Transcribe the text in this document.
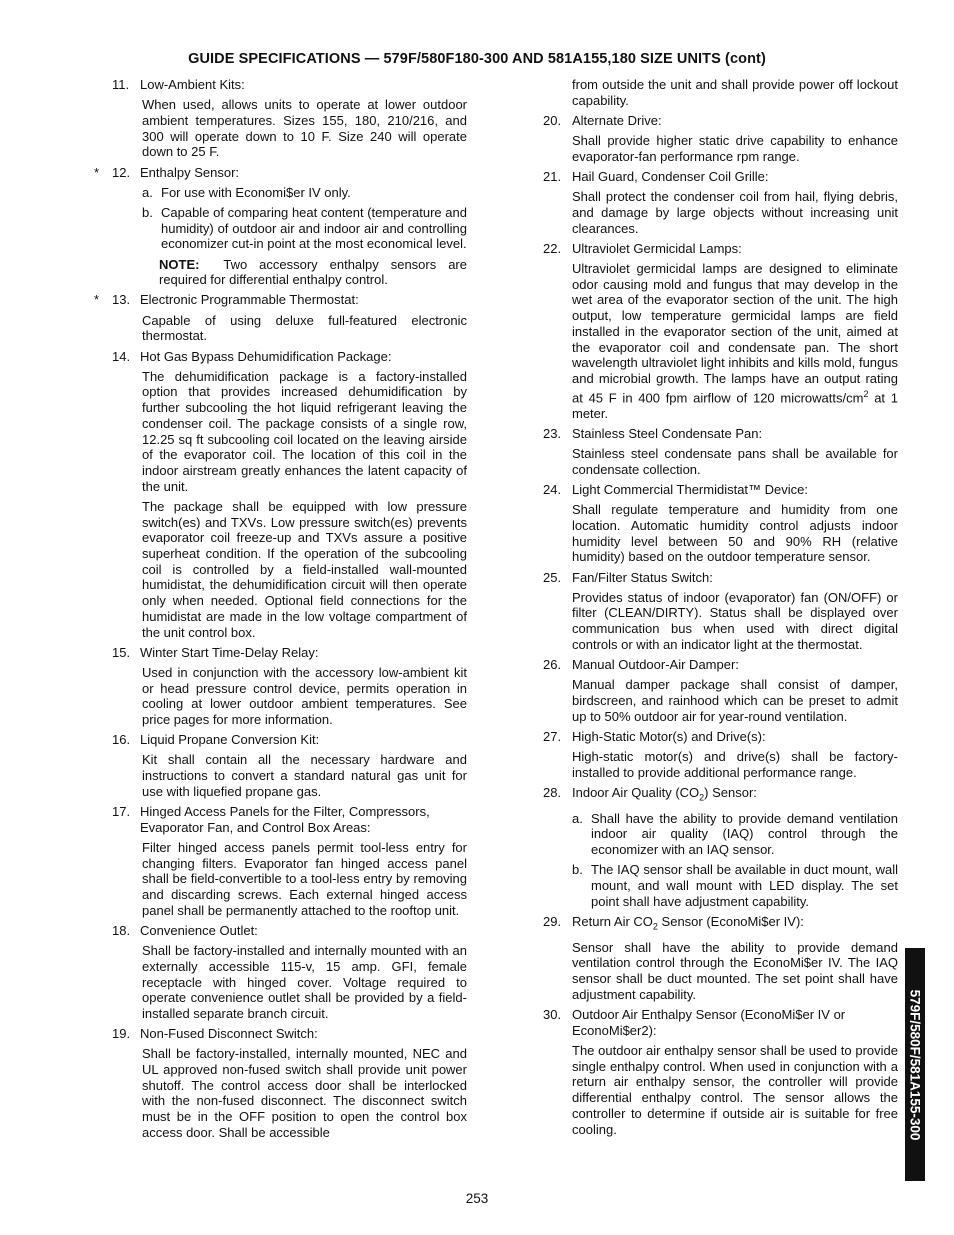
GUIDE SPECIFICATIONS — 579F/580F180-300 AND 581A155,180 SIZE UNITS (cont)
11. Low-Ambient Kits:
When used, allows units to operate at lower outdoor ambient temperatures. Sizes 155, 180, 210/216, and 300 will operate down to 10 F. Size 240 will operate down to 25 F.
* 12. Enthalpy Sensor:
a. For use with Economi$er IV only.
b. Capable of comparing heat content (temperature and humidity) of outdoor air and indoor air and controlling economizer cut-in point at the most economical level.
NOTE: Two accessory enthalpy sensors are required for differential enthalpy control.
* 13. Electronic Programmable Thermostat:
Capable of using deluxe full-featured electronic thermostat.
14. Hot Gas Bypass Dehumidification Package:
The dehumidification package is a factory-installed option that provides increased dehumidification by further subcooling the hot liquid refrigerant leaving the condenser coil. The package consists of a single row, 12.25 sq ft subcooling coil located on the leaving airside of the evaporator coil. The location of this coil in the indoor airstream greatly enhances the latent capacity of the unit.
The package shall be equipped with low pressure switch(es) and TXVs. Low pressure switch(es) prevents evaporator coil freeze-up and TXVs assure a positive superheat condition. If the operation of the subcooling coil is controlled by a field-installed wall-mounted humidistat, the dehumidification circuit will then operate only when needed. Optional field connections for the humidistat are made in the low voltage compartment of the unit control box.
15. Winter Start Time-Delay Relay:
Used in conjunction with the accessory low-ambient kit or head pressure control device, permits operation in cooling at lower outdoor ambient temperatures. See price pages for more information.
16. Liquid Propane Conversion Kit:
Kit shall contain all the necessary hardware and instructions to convert a standard natural gas unit for use with liquefied propane gas.
17. Hinged Access Panels for the Filter, Compressors, Evaporator Fan, and Control Box Areas:
Filter hinged access panels permit tool-less entry for changing filters. Evaporator fan hinged access panel shall be field-convertible to a tool-less entry by removing and discarding screws. Each external hinged access panel shall be permanently attached to the rooftop unit.
18. Convenience Outlet:
Shall be factory-installed and internally mounted with an externally accessible 115-v, 15 amp. GFI, female receptacle with hinged cover. Voltage required to operate convenience outlet shall be provided by a field-installed separate branch circuit.
19. Non-Fused Disconnect Switch:
Shall be factory-installed, internally mounted, NEC and UL approved non-fused switch shall provide unit power shutoff. The control access door shall be interlocked with the non-fused disconnect. The disconnect switch must be in the OFF position to open the control box access door. Shall be accessible
from outside the unit and shall provide power off lockout capability.
20. Alternate Drive:
Shall provide higher static drive capability to enhance evaporator-fan performance rpm range.
21. Hail Guard, Condenser Coil Grille:
Shall protect the condenser coil from hail, flying debris, and damage by large objects without increasing unit clearances.
22. Ultraviolet Germicidal Lamps:
Ultraviolet germicidal lamps are designed to eliminate odor causing mold and fungus that may develop in the wet area of the evaporator section of the unit. The high output, low temperature germicidal lamps are field installed in the evaporator section of the unit, aimed at the evaporator coil and condensate pan. The short wavelength ultraviolet light inhibits and kills mold, fungus and microbial growth. The lamps have an output rating at 45 F in 400 fpm airflow of 120 microwatts/$cm^2$ at 1 meter.
23. Stainless Steel Condensate Pan:
Stainless steel condensate pans shall be available for condensate collection.
24. Light Commercial Thermidistat™ Device:
Shall regulate temperature and humidity from one location. Automatic humidity control adjusts indoor humidity level between 50 and 90% RH (relative humidity) based on the outdoor temperature sensor.
25. Fan/Filter Status Switch:
Provides status of indoor (evaporator) fan (ON/OFF) or filter (CLEAN/DIRTY). Status shall be displayed over communication bus when used with direct digital controls or with an indicator light at the thermostat.
26. Manual Outdoor-Air Damper:
Manual damper package shall consist of damper, birdscreen, and rainhood which can be preset to admit up to 50% outdoor air for year-round ventilation.
27. High-Static Motor(s) and Drive(s):
High-static motor(s) and drive(s) shall be factory-installed to provide additional performance range.
28. Indoor Air Quality $(CO_2)$ Sensor:
a. Shall have the ability to provide demand ventilation indoor air quality (IAQ) control through the economizer with an IAQ sensor.
b. The IAQ sensor shall be available in duct mount, wall mount, and wall mount with LED display. The set point shall have adjustment capability.
29. Return Air $CO_2$ Sensor (EconoMi$er IV):
Sensor shall have the ability to provide demand ventilation control through the EconoMi$er IV. The IAQ sensor shall be duct mounted. The set point shall have adjustment capability.
30. Outdoor Air Enthalpy Sensor (EconoMi$er IV or EconoMi$er2):
The outdoor air enthalpy sensor shall be used to provide single enthalpy control. When used in conjunction with a return air enthalpy sensor, the controller will provide differential enthalpy control. The sensor allows the controller to determine if outside air is suitable for free cooling.	579F/580F/581A155-300
253
